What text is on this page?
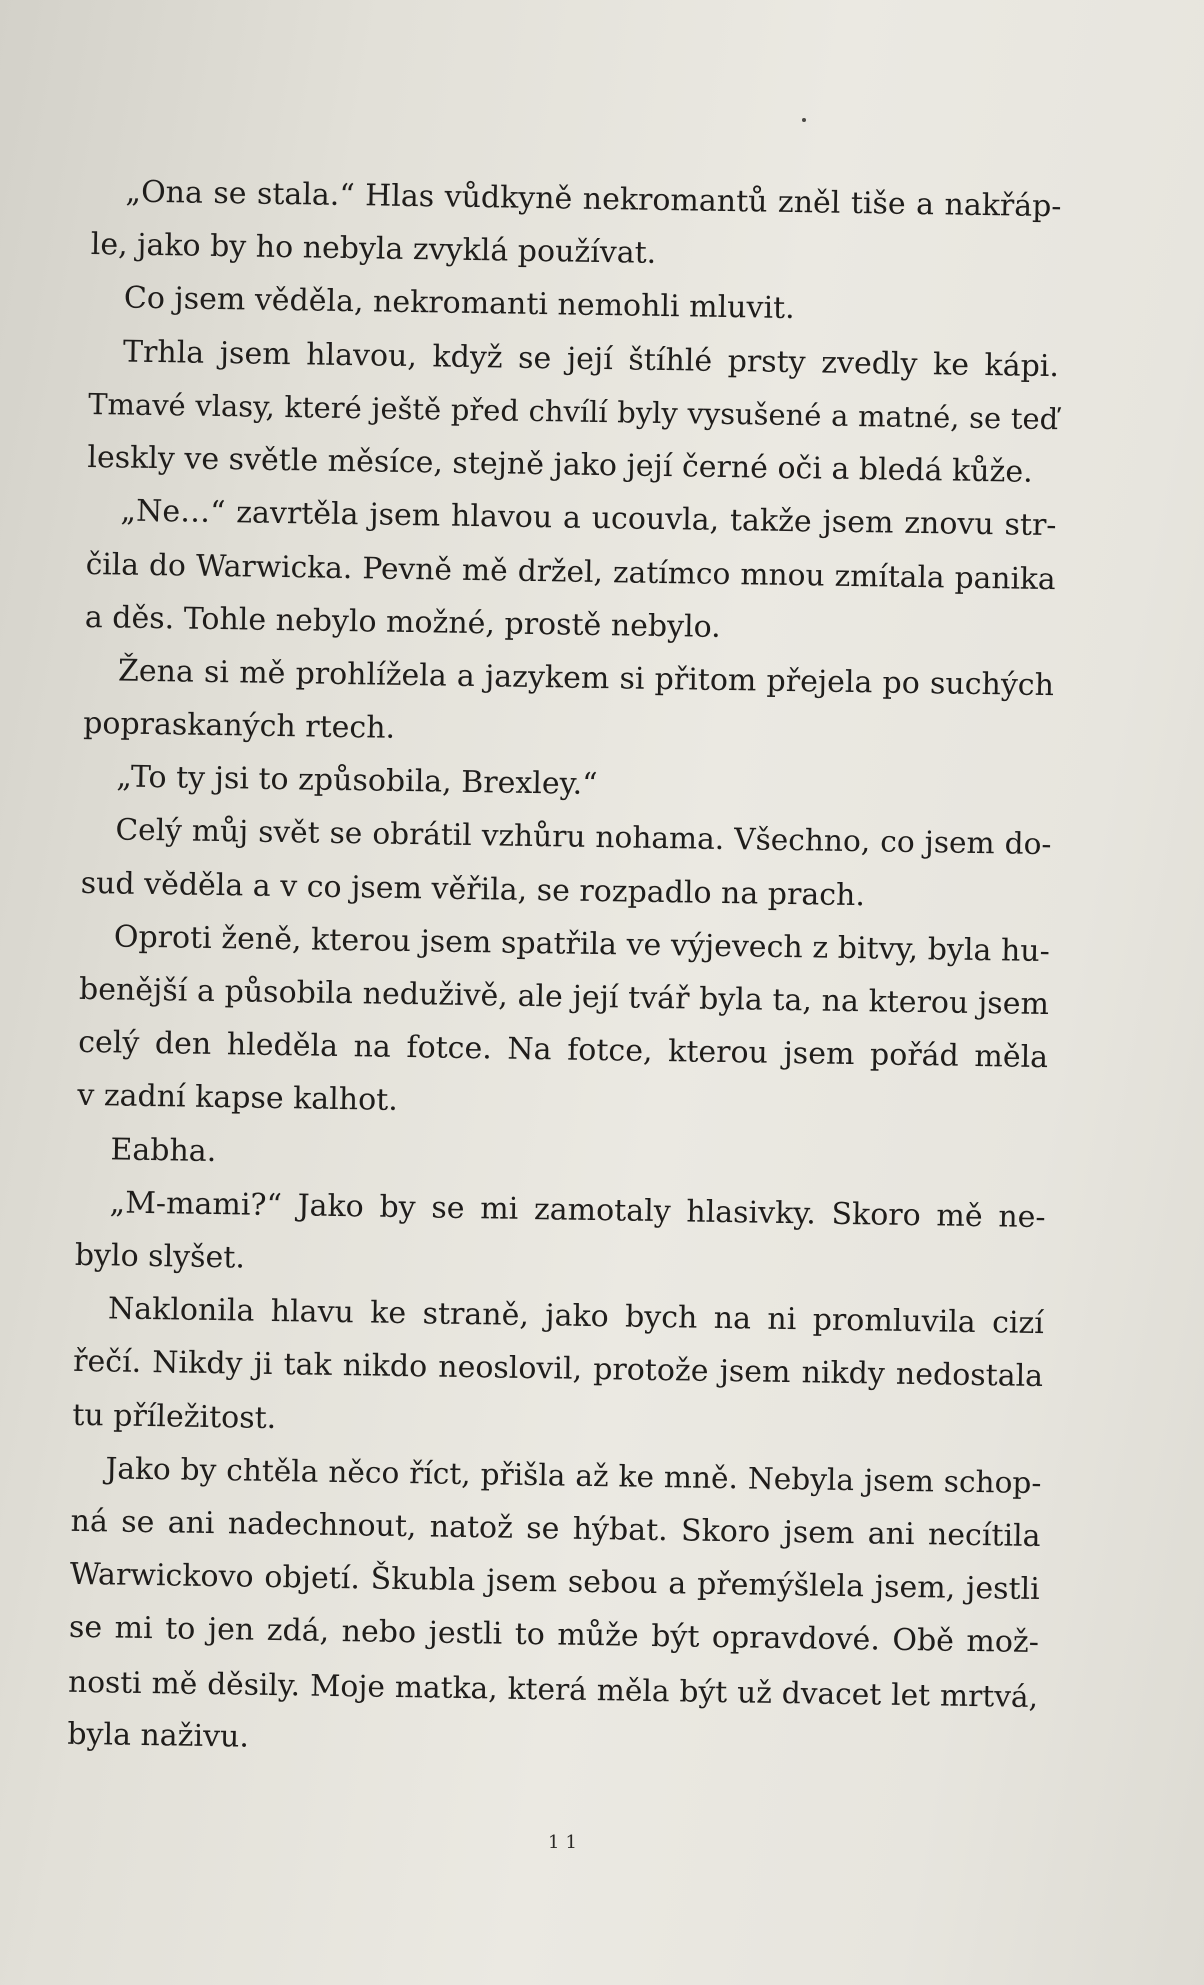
„Ona se stala.“ Hlas vůdkyně nekromantů zněl tiše a nakřáp-
le, jako by ho nebyla zvyklá používat.

Co jsem věděla, nekromanti nemohli mluvit.

Trhla jsem hlavou, když se její štíhlé prsty zvedly ke kápi.
Tmavé vlasy, které ještě před chvílí byly vysušené a matné, se teď
leskly ve světle měsíce, stejně jako její černé oči a bledá kůže.

„Ne…“ zavrtěla jsem hlavou a ucouvla, takže jsem znovu str-
čila do Warwicka. Pevně mě držel, zatímco mnou zmítala panika
a děs. Tohle nebylo možné, prostě nebylo.

Žena si mě prohlížela a jazykem si přitom přejela po suchých
popraskaných rtech.

„To ty jsi to způsobila, Brexley.“

Celý můj svět se obrátil vzhůru nohama. Všechno, co jsem do-
sud věděla a v co jsem věřila, se rozpadlo na prach.

Oproti ženě, kterou jsem spatřila ve výjevech z bitvy, byla hu-
benější a působila neduživě, ale její tvář byla ta, na kterou jsem
celý den hleděla na fotce. Na fotce, kterou jsem pořád měla
v zadní kapse kalhot.

Eabha.

„M-mami?“ Jako by se mi zamotaly hlasivky. Skoro mě ne-
bylo slyšet.

Naklonila hlavu ke straně, jako bych na ni promluvila cizí
řečí. Nikdy ji tak nikdo neoslovil, protože jsem nikdy nedostala
tu příležitost.

Jako by chtěla něco říct, přišla až ke mně. Nebyla jsem schop-
ná se ani nadechnout, natož se hýbat. Skoro jsem ani necítila
Warwickovo objetí. Škubla jsem sebou a přemýšlela jsem, jestli
se mi to jen zdá, nebo jestli to může být opravdové. Obě mož-
nosti mě děsily. Moje matka, která měla být už dvacet let mrtvá,
byla naživu.

11
